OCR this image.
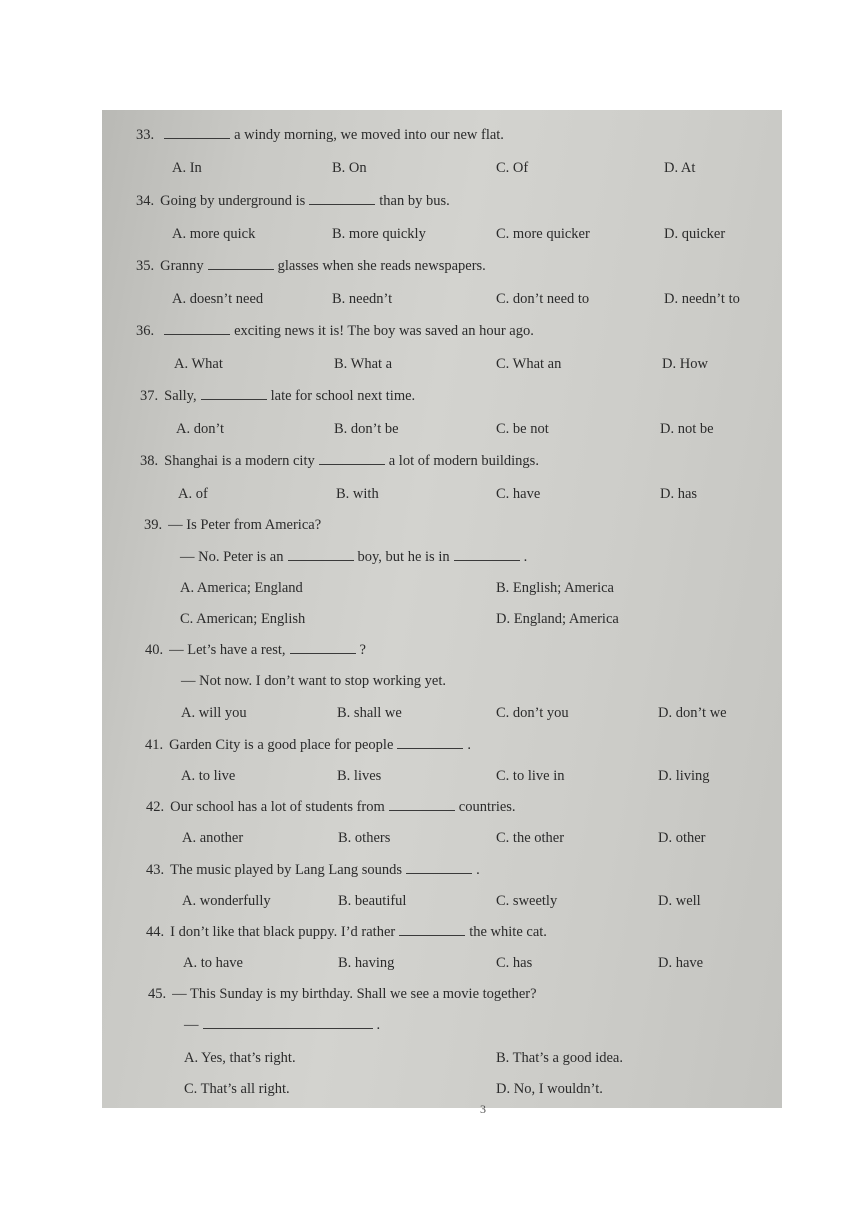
33.	a windy morning, we moved into our new flat.
A. In	B. On	C. Of	D. At
34. Going by underground is	than by bus.
A. more quick	B. more quickly	C. more quicker	D. quicker
35. Granny	glasses when she reads newspapers.
A. doesn’t need	B. needn’t	C. don’t need to	D. needn’t to
36.	exciting news it is! The boy was saved an hour ago.
A. What	B. What a	C. What an	D. How
37. Sally,	late for school next time.
A. don’t	B. don’t be	C. be not	D. not be
38. Shanghai is a modern city	a lot of modern buildings.
A. of	B. with	C. have	D. has
39. — Is Peter from America?
— No. Peter is an	boy, but he is in	.
A. America; England	B. English; America
C. American; English	D. England; America
40. — Let’s have a rest,	?
— Not now. I don’t want to stop working yet.
A. will you	B. shall we	C. don’t you	D. don’t we
41. Garden City is a good place for people	.
A. to live	B. lives	C. to live in	D. living
42. Our school has a lot of students from	countries.
A. another	B. others	C. the other	D. other
43. The music played by Lang Lang sounds	.
A. wonderfully	B. beautiful	C. sweetly	D. well
44. I don’t like that black puppy. I’d rather	the white cat.
A. to have	B. having	C. has	D. have
45. — This Sunday is my birthday. Shall we see a movie together?
—	.
A. Yes, that’s right.	B. That’s a good idea.
C. That’s all right.	D. No, I wouldn’t.
3
